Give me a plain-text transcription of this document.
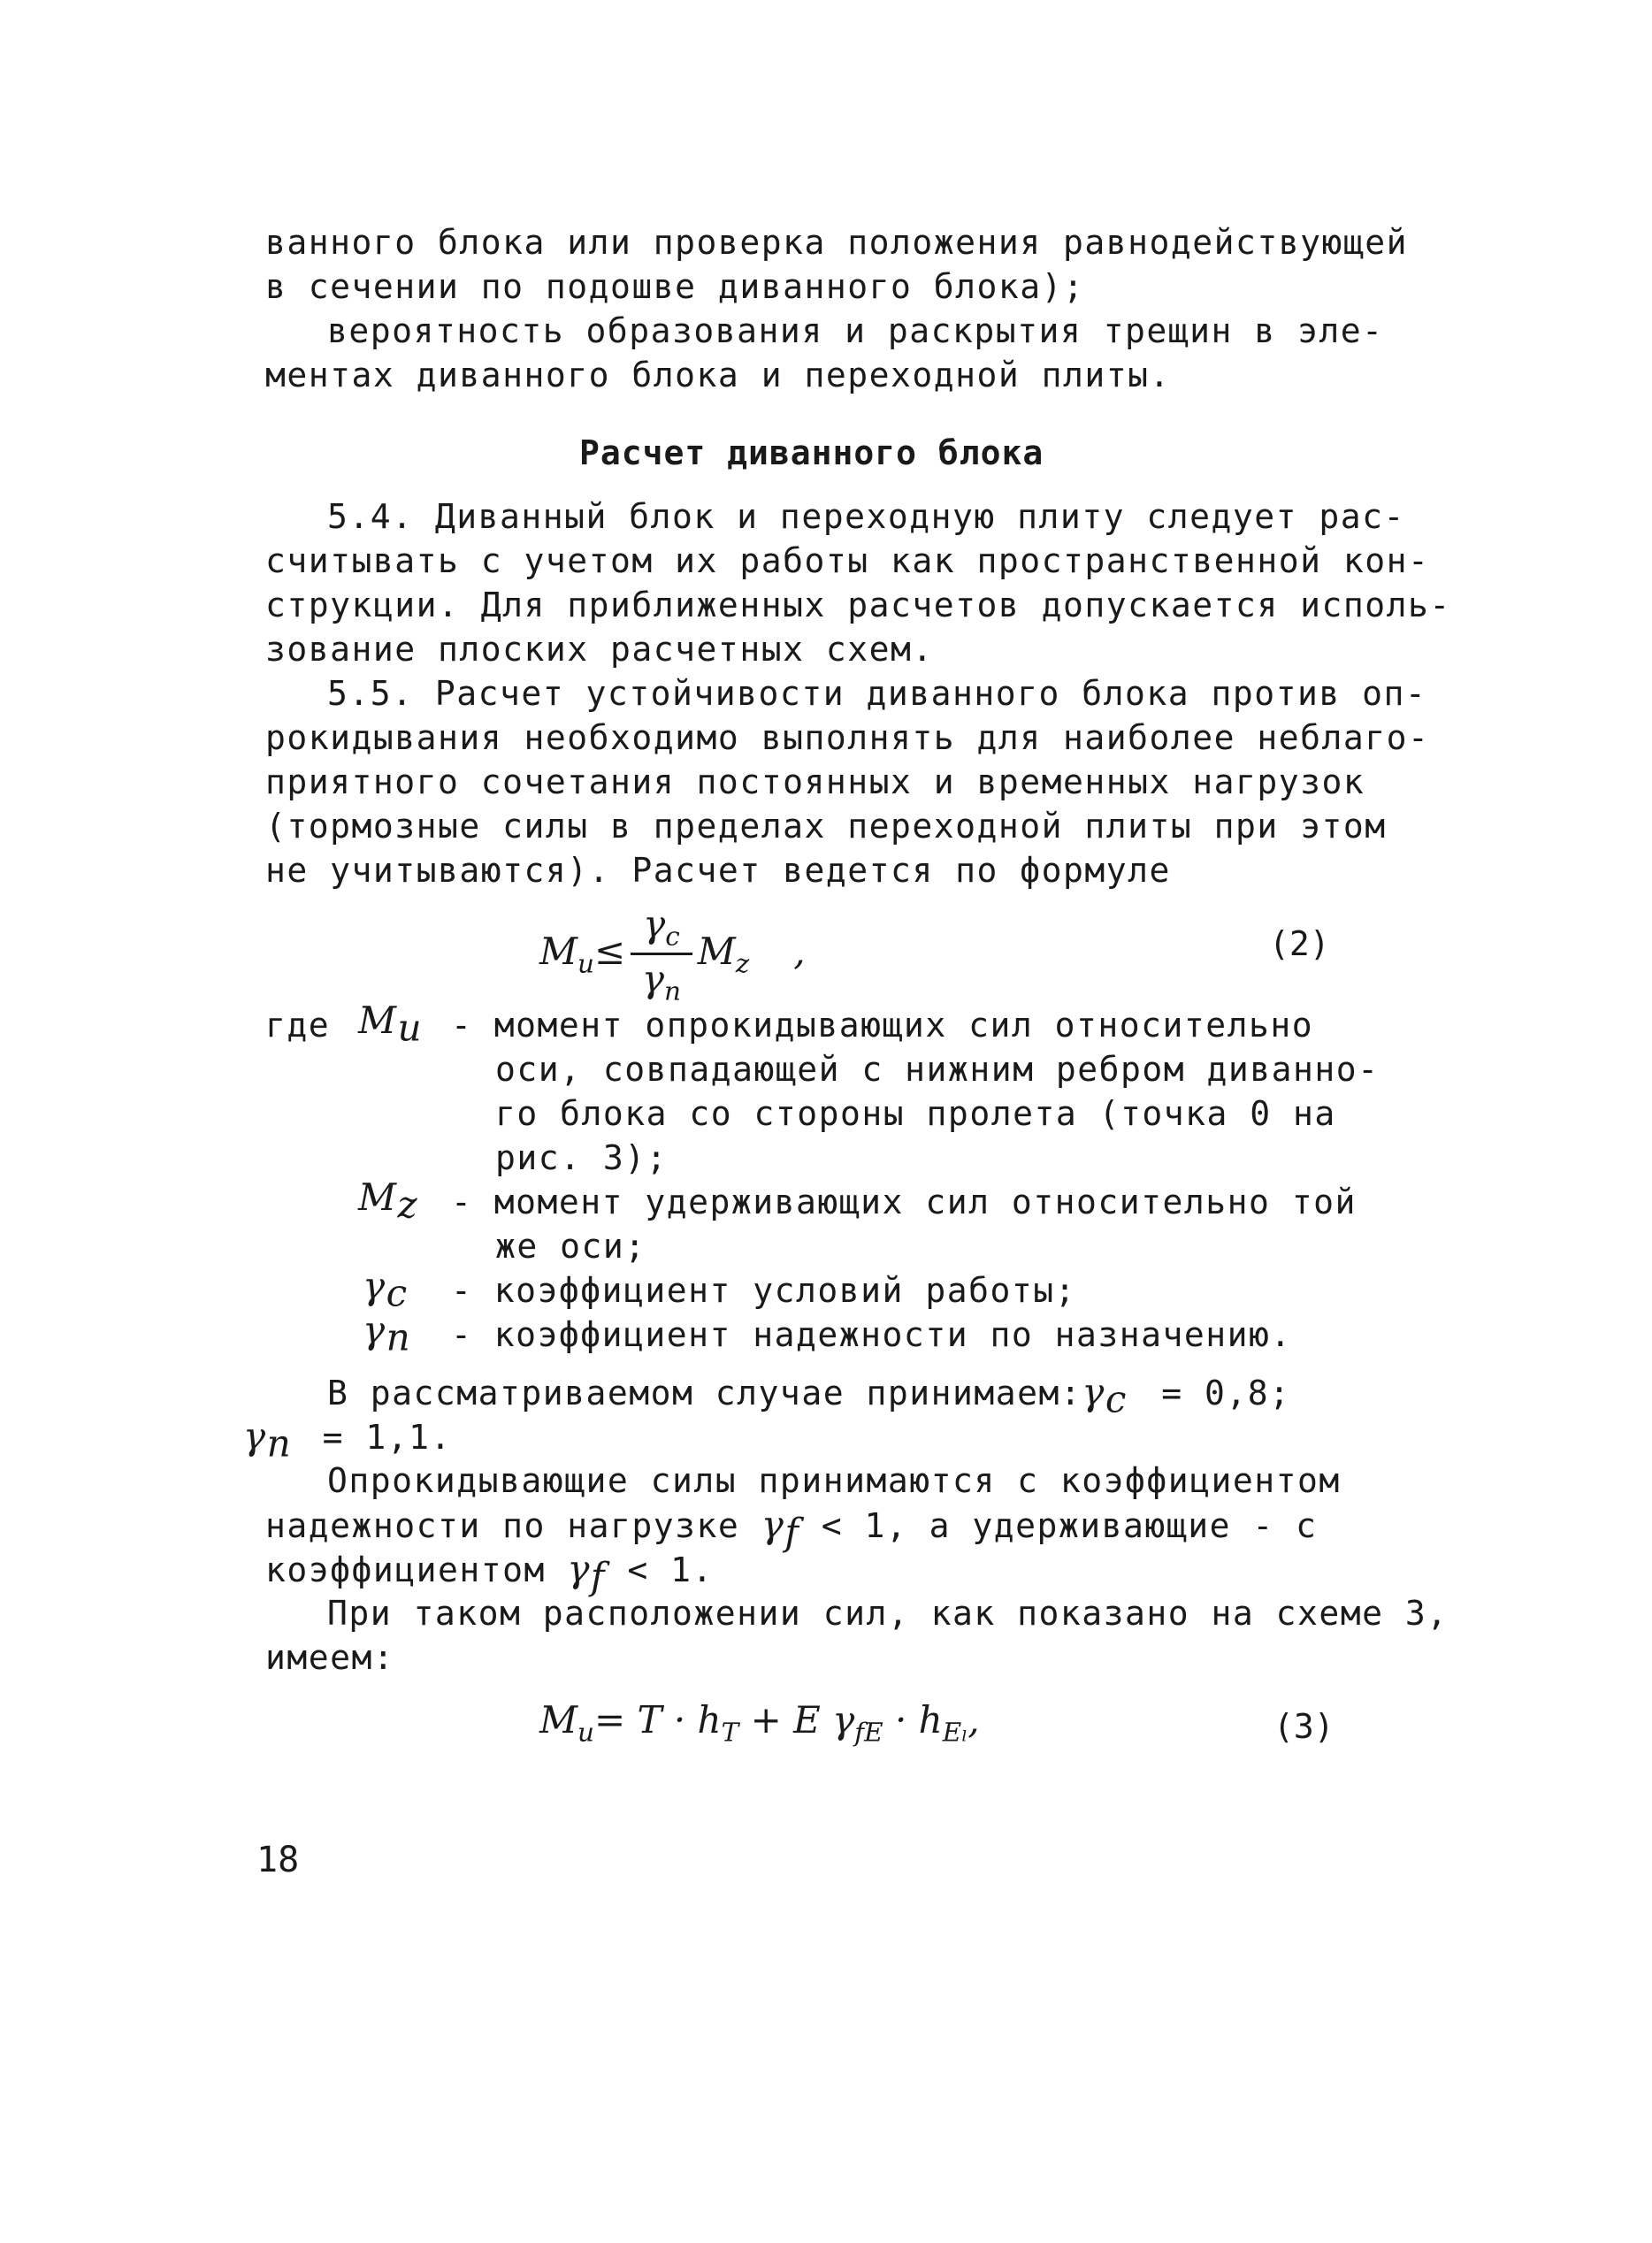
ванного блока или проверка положения равнодействующей
в сечении по подошве диванного блока);
вероятность образования и раскрытия трещин в эле-
ментах диванного блока и переходной плиты.
Расчет диванного блока
5.4. Диванный блок и переходную плиту следует рас-
считывать с учетом их работы как пространственной кон-
струкции. Для приближенных расчетов допускается исполь-
зование плоских расчетных схем.
5.5. Расчет устойчивости диванного блока против оп-
рокидывания необходимо выполнять для наиболее неблаго-
приятного сочетания постоянных и временных нагрузок
(тормозные силы в пределах переходной плиты при этом
не учитываются). Расчет ведется по формуле
$M_u\le \frac{\gamma_c}{\gamma_n} M_z$ ,	(2)
где $M_u$ - момент опрокидывающих сил относительно
оси, совпадающей с нижним ребром диванно-
го блока со стороны пролета (точка 0 на
рис. 3);
$M_z$ - момент удерживающих сил относительно той
же оси;
$\gamma_c$ - коэффициент условий работы;
$\gamma_n$ - коэффициент надежности по назначению.
В рассматриваемом случае $принимаем:\gamma_c = 0,8$;
$\gamma_n = 1,1$.
Опрокидывающие силы принимаются с коэффициентом
надежности по нагрузке $\gamma_f < 1$, а удерживающие - с
коэффициентом $\gamma_f < 1$.
При таком расположении сил, как показано на схеме 3,
имеем:
$M_u= T \cdot h_T + E$ $\gamma_{fE} \cdot h_{E_l}$,	(3)
18
